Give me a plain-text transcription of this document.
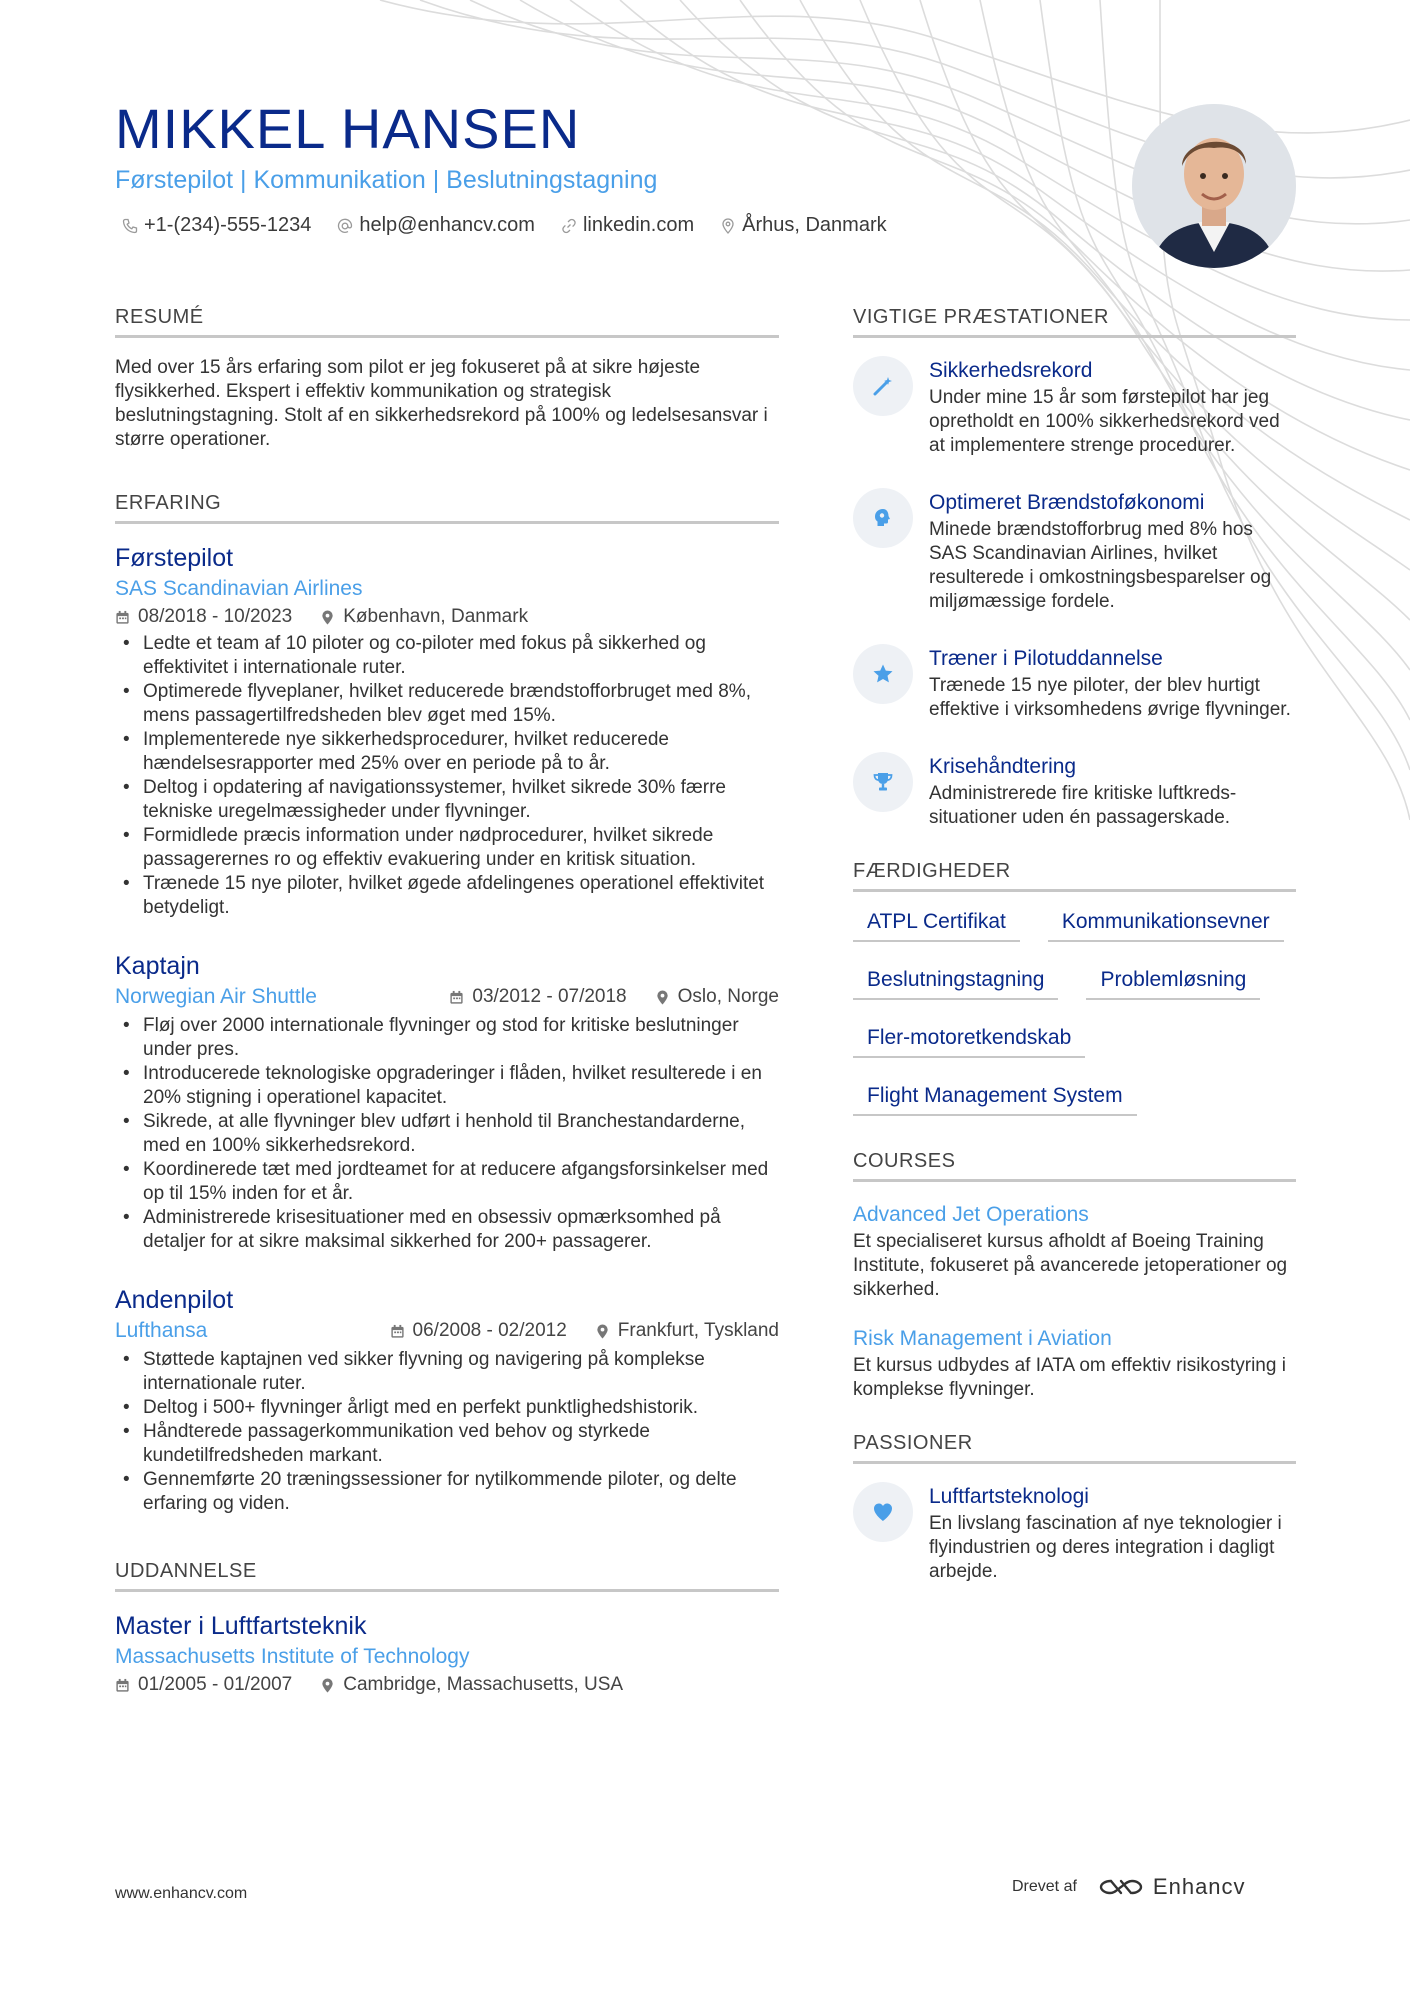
MIKKEL HANSEN
Førstepilot | Kommunikation | Beslutningstagning
+1-(234)-555-1234 help@enhancv.com linkedin.com Århus, Danmark
RESUMÉ
Med over 15 års erfaring som pilot er jeg fokuseret på at sikre højeste flysikkerhed. Ekspert i effektiv kommunikation og strategisk beslutningstagning. Stolt af en sikkerhedsrekord på 100% og ledelsesansvar i større operationer.
ERFARING
Førstepilot
SAS Scandinavian Airlines
08/2018 - 10/2023	København, Danmark
• Ledte et team af 10 piloter og co-piloter med fokus på sikkerhed og effektivitet i internationale ruter.
• Optimerede flyveplaner, hvilket reducerede brændstofforbruget med 8%, mens passagertilfredsheden blev øget med 15%.
• Implementerede nye sikkerhedsprocedurer, hvilket reducerede hændelsesrapporter med 25% over en periode på to år.
• Deltog i opdatering af navigationssystemer, hvilket sikrede 30% færre tekniske uregelmæssigheder under flyvninger.
• Formidlede præcis information under nødprocedurer, hvilket sikrede passagerernes ro og effektiv evakuering under en kritisk situation.
• Trænede 15 nye piloter, hvilket øgede afdelingenes operationel effektivitet betydeligt.
Kaptajn
Norwegian Air Shuttle	03/2012 - 07/2018	Oslo, Norge
• Fløj over 2000 internationale flyvninger og stod for kritiske beslutninger under pres.
• Introducerede teknologiske opgraderinger i flåden, hvilket resulterede i en 20% stigning i operationel kapacitet.
• Sikrede, at alle flyvninger blev udført i henhold til Branchestandarderne, med en 100% sikkerhedsrekord.
• Koordinerede tæt med jordteamet for at reducere afgangsforsinkelser med op til 15% inden for et år.
• Administrerede krisesituationer med en obsessiv opmærksomhed på detaljer for at sikre maksimal sikkerhed for 200+ passagerer.
Andenpilot
Lufthansa	06/2008 - 02/2012	Frankfurt, Tyskland
• Støttede kaptajnen ved sikker flyvning og navigering på komplekse internationale ruter.
• Deltog i 500+ flyvninger årligt med en perfekt punktlighedshistorik.
• Håndterede passagerkommunikation ved behov og styrkede kundetilfredsheden markant.
• Gennemførte 20 træningssessioner for nytilkommende piloter, og delte erfaring og viden.
UDDANNELSE
Master i Luftfartsteknik
Massachusetts Institute of Technology
01/2005 - 01/2007	Cambridge, Massachusetts, USA
VIGTIGE PRÆSTATIONER
Sikkerhedsrekord
Under mine 15 år som førstepilot har jeg opretholdt en 100% sikkerhedsrekord ved at implementere strenge procedurer.
Optimeret Brændstoføkonomi
Minede brændstofforbrug med 8% hos SAS Scandinavian Airlines, hvilket resulterede i omkostningsbesparelser og miljømæssige fordele.
Træner i Pilotuddannelse
Trænede 15 nye piloter, der blev hurtigt effektive i virksomhedens øvrige flyvninger.
Krisehåndtering
Administrerede fire kritiske luftkreds-situationer uden én passagerskade.
FÆRDIGHEDER
ATPL Certifikat	Kommunikationsevner
Beslutningstagning	Problemløsning
Fler-motoretkendskab
Flight Management System
COURSES
Advanced Jet Operations
Et specialiseret kursus afholdt af Boeing Training Institute, fokuseret på avancerede jetoperationer og sikkerhed.
Risk Management i Aviation
Et kursus udbydes af IATA om effektiv risikostyring i komplekse flyvninger.
PASSIONER
Luftfartsteknologi
En livslang fascination af nye teknologier i flyindustrien og deres integration i dagligt arbejde.
www.enhancv.com	Drevet af	Enhancv
